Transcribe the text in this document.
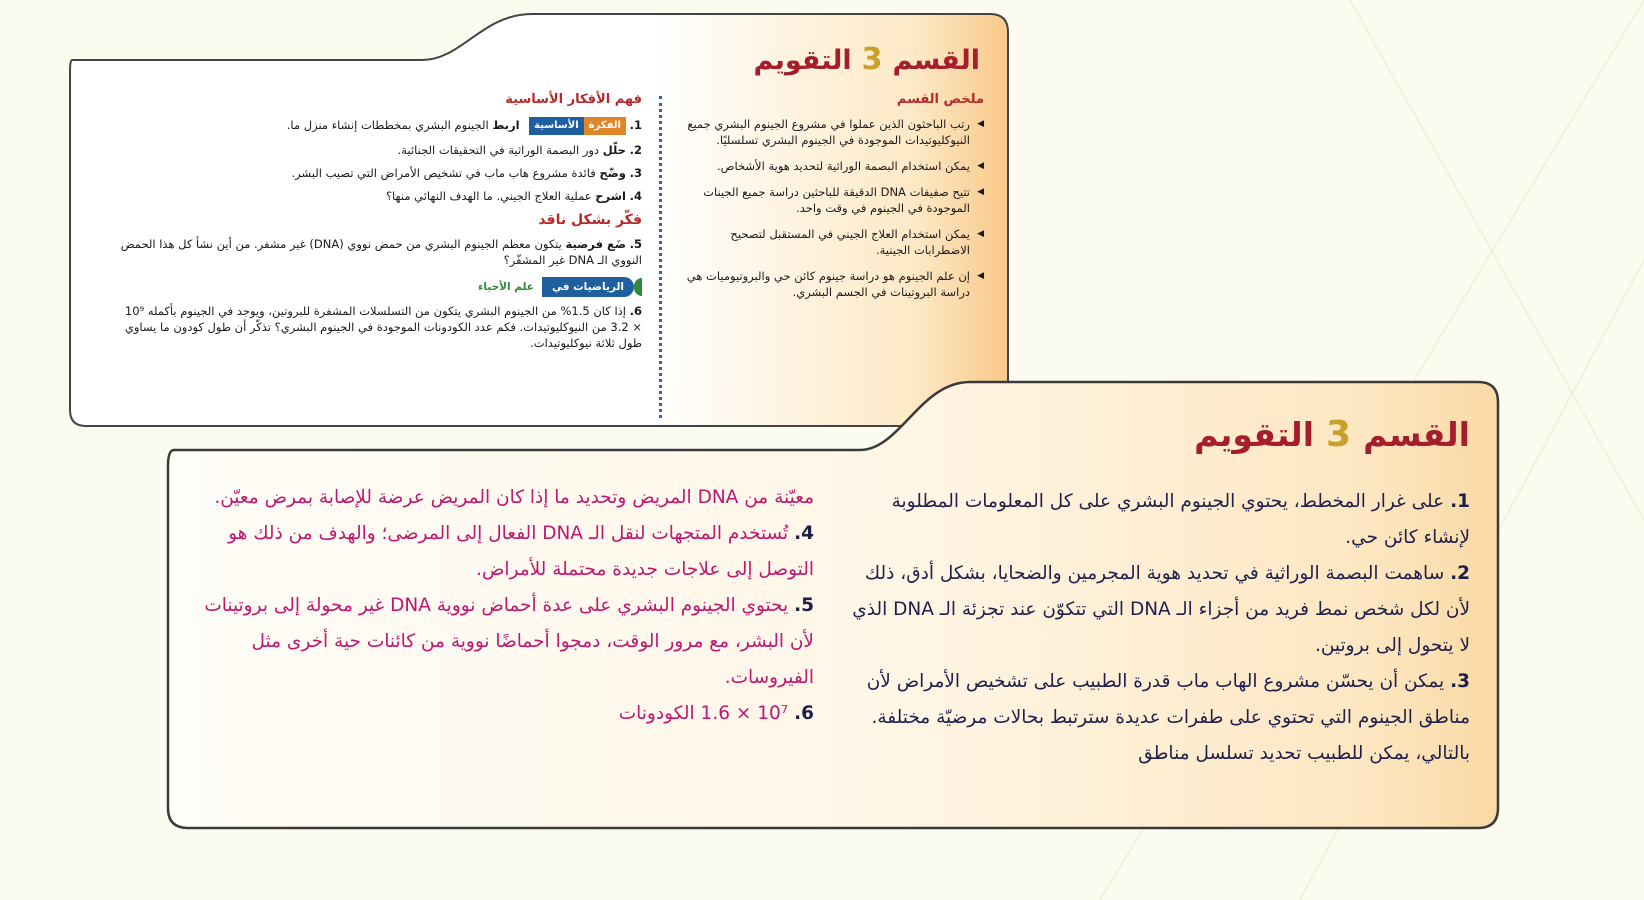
القسم3التقويم
ملخص القسم
◀ رتب الباحثون الذين عملوا في مشروع الجينوم البشري جميع النيوكليوتيدات الموجودة في الجينوم البشري تسلسليًا.
◀ يمكن استخدام البصمة الوراثية لتحديد هوية الأشخاص.
◀ تتيح صفيفات DNA الدقيقة للباحثين دراسة جميع الجينات الموجودة في الجينوم في وقت واحد.
◀ يمكن استخدام العلاج الجيني في المستقبل لتصحيح الاضطرابات الجينية.
◀ إن علم الجينوم هو دراسة جينوم كائن حي والبروتيوميات هي دراسة البروتينات في الجسم البشري.
فهم الأفكار الأساسية
1. الفكرةالأساسية اربط الجينوم البشري بمخططات إنشاء منزل ما.
2. حلّل دور البصمة الوراثية في التحقيقات الجنائية.
3. وضّح فائدة مشروع هاب ماب في تشخيص الأمراض التي تصيب البشر.
4. اشرح عملية العلاج الجيني. ما الهدف النهائي منها؟
فكّر بشكل ناقد
5. ضَع فرضية يتكون معظم الجينوم البشري من حمض نووي (DNA) غير مشفر. من أين نشأ كل هذا الحمض النووي الـ DNA غير المشفّر؟
الرياضيات في
علم الأحياء
6. إذا كان 1.5% من الجينوم البشري يتكون من التسلسلات المشفرة للبروتين، ويوجد في الجينوم بأكمله 10⁹ × 3.2 من النيوكليوتيدات. فكم عدد الكودونات الموجودة في الجينوم البشري؟ تذكّر أن طول كودون ما يساوي طول ثلاثة نيوكليوتيدات.
القسم3التقويم

1. على غرار المخطط، يحتوي الجينوم البشري على كل المعلومات المطلوبة لإنشاء كائن حي.

2. ساهمت البصمة الوراثية في تحديد هوية المجرمين والضحايا، بشكل أدق، ذلك لأن لكل شخص نمط فريد من أجزاء الـ DNA التي تتكوّن عند تجزئة الـ DNA الذي لا يتحول إلى بروتين.

3. يمكن أن يحسّن مشروع الهاب ماب قدرة الطبيب على تشخيص الأمراض لأن مناطق الجينوم التي تحتوي على طفرات عديدة سترتبط بحالات مرضيّة مختلفة. بالتالي، يمكن للطبيب تحديد تسلسل مناطق

معيّنة من DNA المريض وتحديد ما إذا كان المريض عرضة للإصابة بمرض معيّن.

4. تُستخدم المتجهات لنقل الـ DNA الفعال إلى المرضى؛ والهدف من ذلك هو التوصل إلى علاجات جديدة محتملة للأمراض.

5. يحتوي الجينوم البشري على عدة أحماض نووية DNA غير محولة إلى بروتينات لأن البشر، مع مرور الوقت، دمجوا أحماضًا نووية من كائنات حية أخرى مثل الفيروسات.

6. 10⁷ × 1.6 الكودونات
